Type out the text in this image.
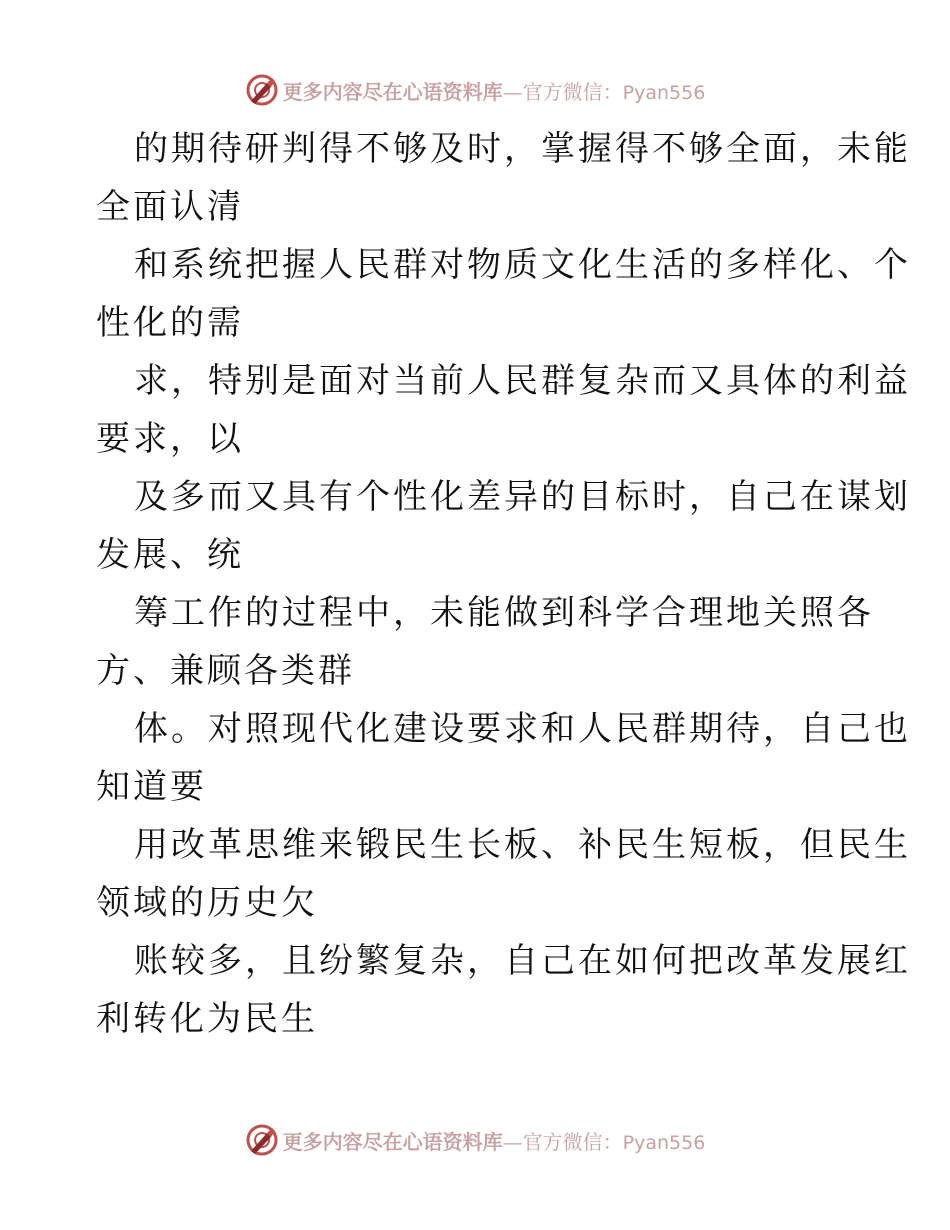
更多内容尽在心语资料库—官方微信：Pyan556

的期待研判得不够及时，掌握得不够全面，未能
全面认清

和系统把握人民群对物质文化生活的多样化、个
性化的需

求，特别是面对当前人民群复杂而又具体的利益
要求，以

及多而又具有个性化差异的目标时，自己在谋划
发展、统

筹工作的过程中，未能做到科学合理地关照各
方、兼顾各类群

体。对照现代化建设要求和人民群期待，自己也
知道要

用改革思维来锻民生长板、补民生短板，但民生
领域的历史欠

账较多，且纷繁复杂，自己在如何把改革发展红
利转化为民生

更多内容尽在心语资料库—官方微信：Pyan556
